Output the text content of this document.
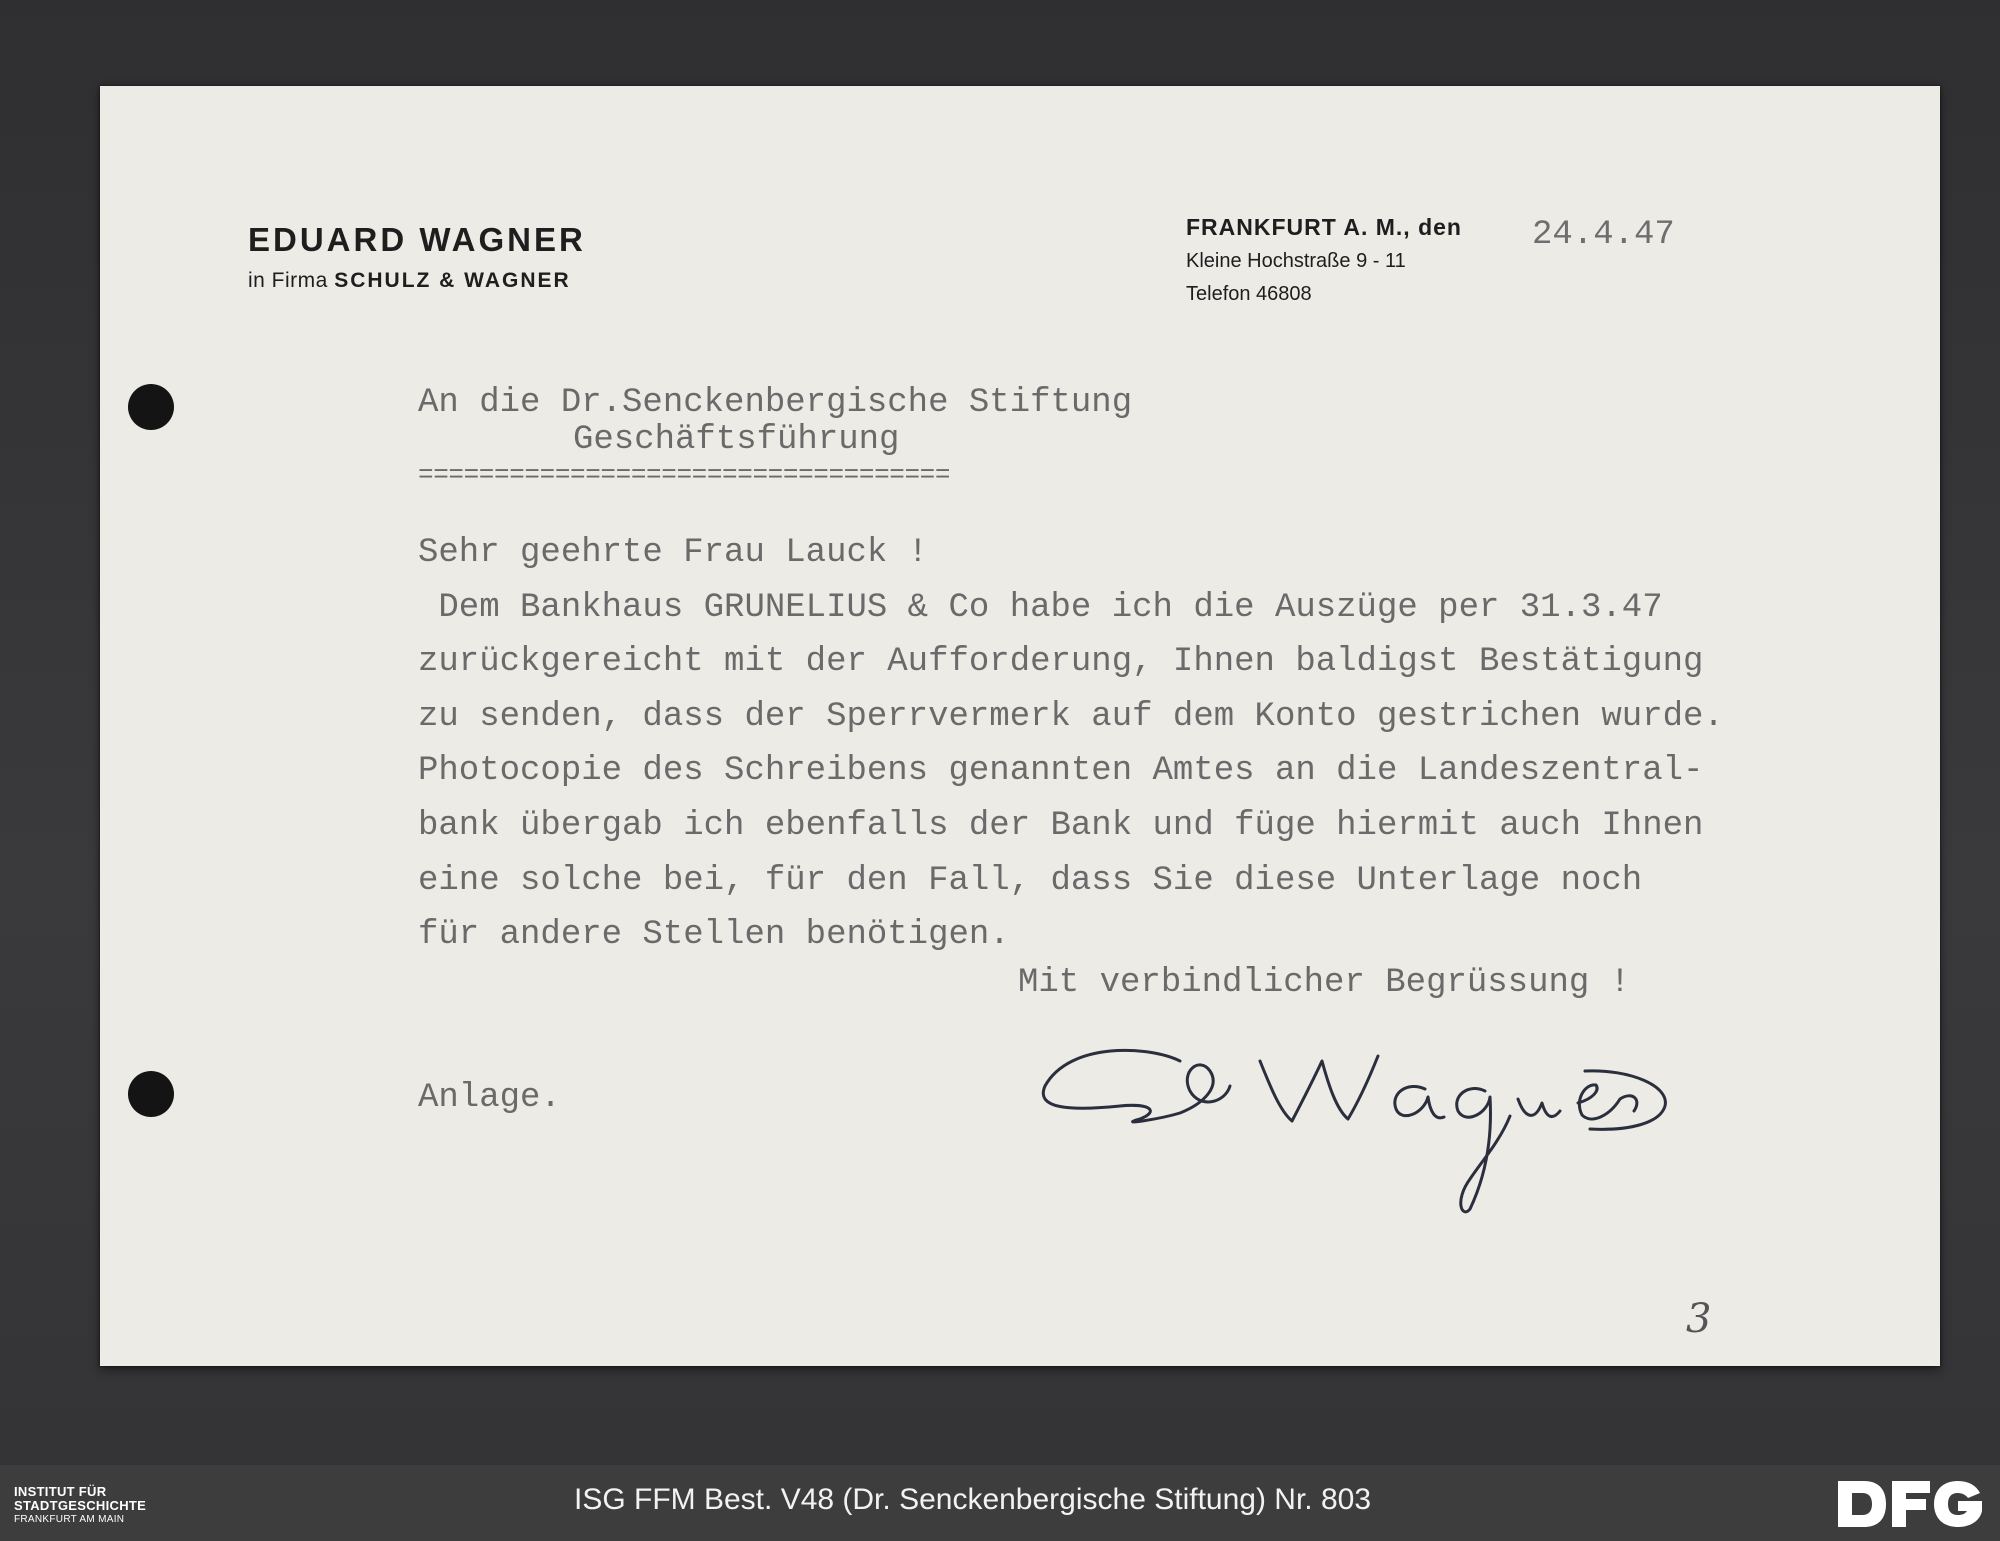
EDUARD WAGNER
in Firma SCHULZ & WAGNER
FRANKFURT A. M., den
Kleine Hochstraße 9 - 11
Telefon 46808
24.4.47
An die Dr.Senckenbergische Stiftung
Geschäftsführung
===================================
Sehr geehrte Frau Lauck !
Dem Bankhaus GRUNELIUS & Co habe ich die Auszüge per 31.3.47
zurückgereicht mit der Aufforderung, Ihnen baldigst Bestätigung
zu senden, dass der Sperrvermerk auf dem Konto gestrichen wurde.
Photocopie des Schreibens genannten Amtes an die Landeszentral-
bank übergab ich ebenfalls der Bank und füge hiermit auch Ihnen
eine solche bei, für den Fall, dass Sie diese Unterlage noch
für andere Stellen benötigen.
Mit verbindlicher Begrüssung !
Anlage.
3
INSTITUT FÜR
STADTGESCHICHTE
FRANKFURT AM MAIN
ISG FFM Best. V48 (Dr. Senckenbergische Stiftung) Nr. 803
